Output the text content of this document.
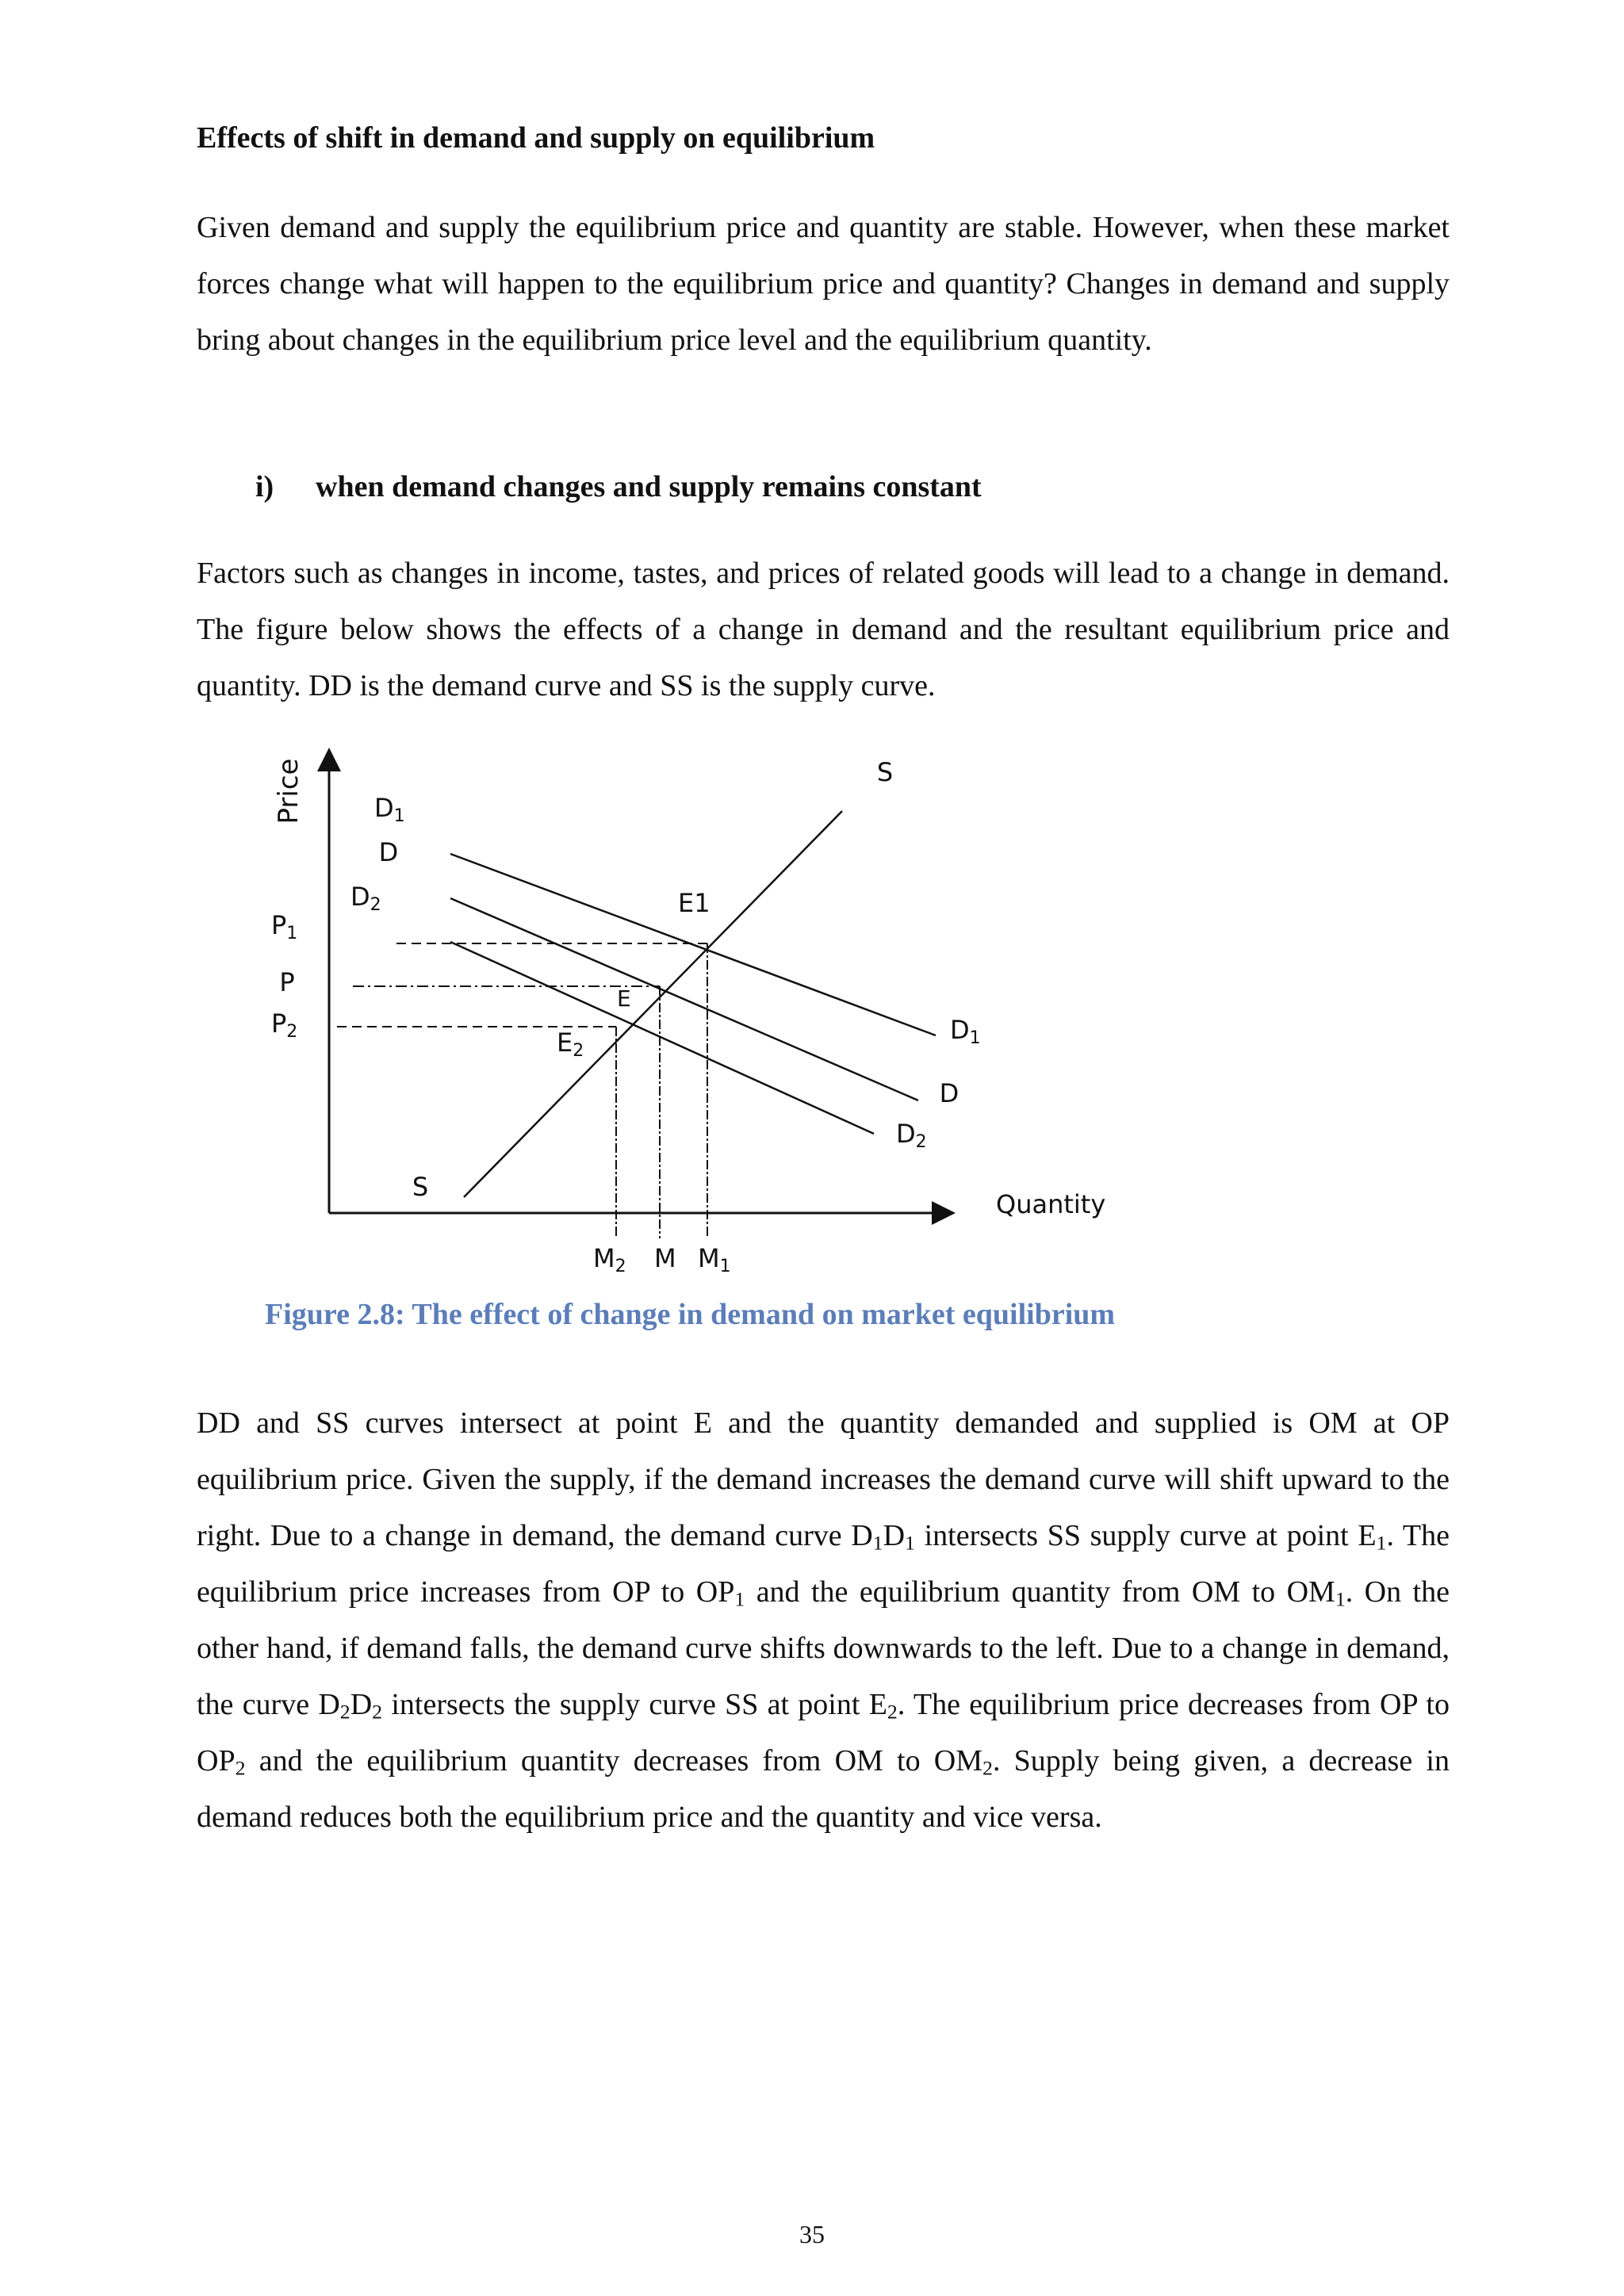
Effects of shift in demand and supply on equilibrium
Given demand and supply the equilibrium price and quantity are stable. However, when these market forces change what will happen to the equilibrium price and quantity? Changes in demand and supply bring about changes in the equilibrium price level and the equilibrium quantity.
i) when demand changes and supply remains constant
Factors such as changes in income, tastes, and prices of related goods will lead to a change in demand. The figure below shows the effects of a change in demand and the resultant equilibrium price and quantity. DD is the demand curve and SS is the supply curve.
Price
Quantity
S
S
D1
D
D2
D1
D
D2
P1
P
P2
E1
E
E2
M2 M M1
Figure 2.8: The effect of change in demand on market equilibrium
DD and SS curves intersect at point E and the quantity demanded and supplied is OM at OP equilibrium price. Given the supply, if the demand increases the demand curve will shift upward to the right. Due to a change in demand, the demand curve $D_1D_1$ intersects SS supply curve at point $E_1$. The equilibrium price increases from OP to $OP_1$ and the equilibrium quantity from OM to $OM_1$. On the other hand, if demand falls, the demand curve shifts downwards to the left. Due to a change in demand, the curve $D_2D_2$ intersects the supply curve SS at point $E_2$. The equilibrium price decreases from OP to $OP_2$ and the equilibrium quantity decreases from OM to $OM_2$. Supply being given, a decrease in demand reduces both the equilibrium price and the quantity and vice versa.
35
